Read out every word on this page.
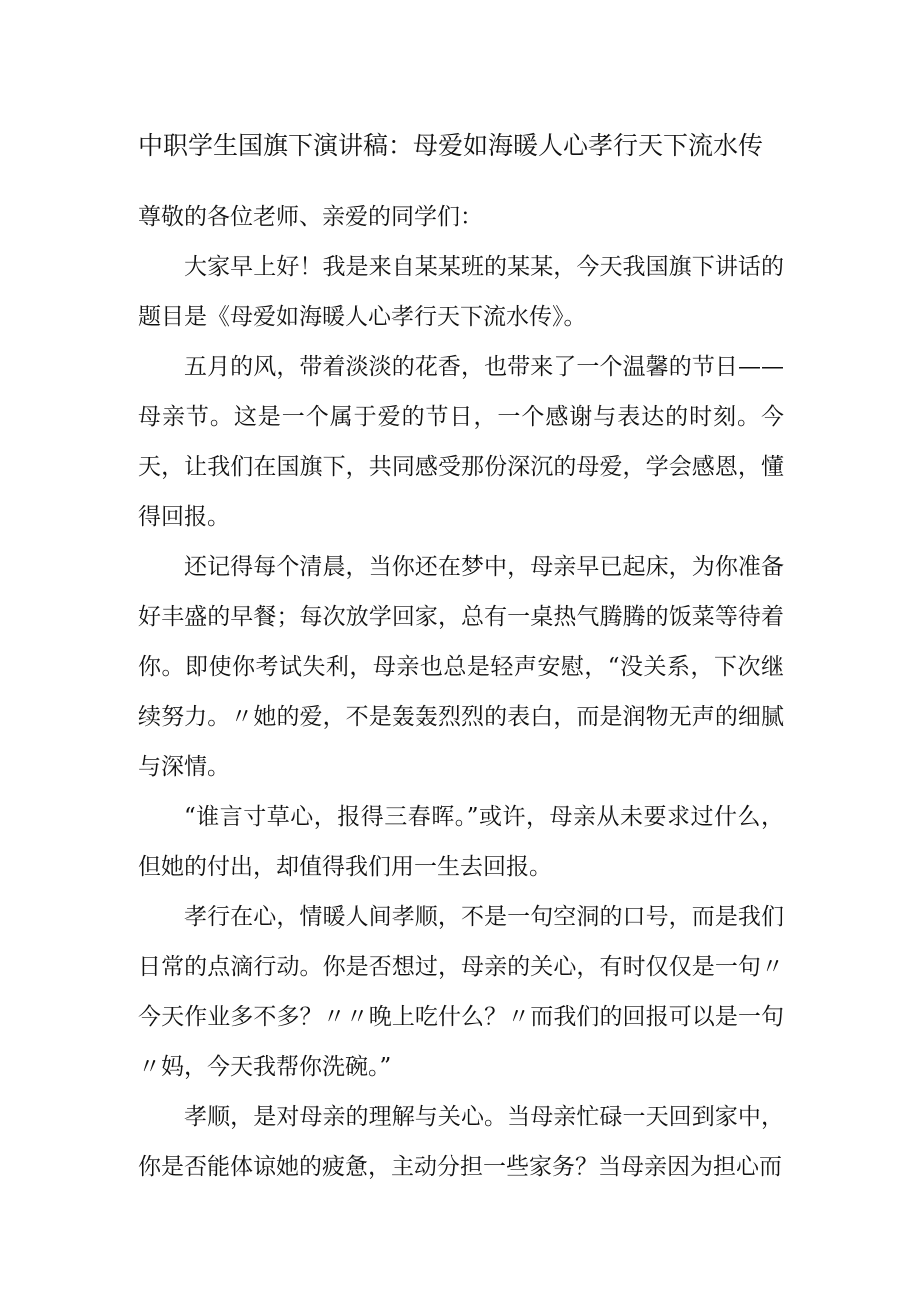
中职学生国旗下演讲稿：母爱如海暖人心孝行天下流水传

尊敬的各位老师、亲爱的同学们：

大家早上好！我是来自某某班的某某，今天我国旗下讲话的题目是《母爱如海暖人心孝行天下流水传》。

五月的风，带着淡淡的花香，也带来了一个温馨的节日——母亲节。这是一个属于爱的节日，一个感谢与表达的时刻。今天，让我们在国旗下，共同感受那份深沉的母爱，学会感恩，懂得回报。

还记得每个清晨，当你还在梦中，母亲早已起床，为你准备好丰盛的早餐；每次放学回家，总有一桌热气腾腾的饭菜等待着你。即使你考试失利，母亲也总是轻声安慰，“没关系，下次继续努力。〃她的爱，不是轰轰烈烈的表白，而是润物无声的细腻与深情。

“谁言寸草心，报得三春晖。”或许，母亲从未要求过什么，但她的付出，却值得我们用一生去回报。

孝行在心，情暖人间孝顺，不是一句空洞的口号，而是我们日常的点滴行动。你是否想过，母亲的关心，有时仅仅是一句〃今天作业多不多？〃〃晚上吃什么？〃而我们的回报可以是一句〃妈，今天我帮你洗碗。”

孝顺，是对母亲的理解与关心。当母亲忙碌一天回到家中，你是否能体谅她的疲惫，主动分担一些家务？当母亲因为担心而
